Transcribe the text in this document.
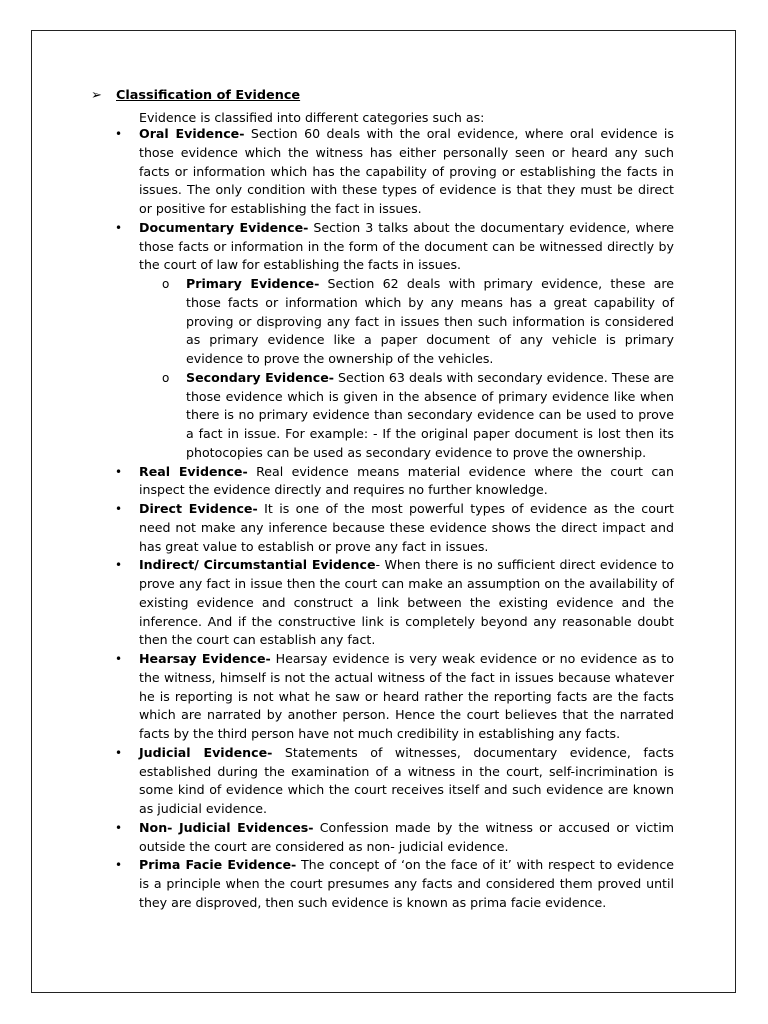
➢ Classification of Evidence
Evidence is classified into different categories such as:
• Oral Evidence- Section 60 deals with the oral evidence, where oral evidence is those evidence which the witness has either personally seen or heard any such facts or information which has the capability of proving or establishing the facts in issues. The only condition with these types of evidence is that they must be direct or positive for establishing the fact in issues.
• Documentary Evidence- Section 3 talks about the documentary evidence, where those facts or information in the form of the document can be witnessed directly by the court of law for establishing the facts in issues.
o Primary Evidence- Section 62 deals with primary evidence, these are those facts or information which by any means has a great capability of proving or disproving any fact in issues then such information is considered as primary evidence like a paper document of any vehicle is primary evidence to prove the ownership of the vehicles.
o Secondary Evidence- Section 63 deals with secondary evidence. These are those evidence which is given in the absence of primary evidence like when there is no primary evidence than secondary evidence can be used to prove a fact in issue. For example: - If the original paper document is lost then its photocopies can be used as secondary evidence to prove the ownership.
• Real Evidence- Real evidence means material evidence where the court can inspect the evidence directly and requires no further knowledge.
• Direct Evidence- It is one of the most powerful types of evidence as the court need not make any inference because these evidence shows the direct impact and has great value to establish or prove any fact in issues.
• Indirect/ Circumstantial Evidence- When there is no sufficient direct evidence to prove any fact in issue then the court can make an assumption on the availability of existing evidence and construct a link between the existing evidence and the inference. And if the constructive link is completely beyond any reasonable doubt then the court can establish any fact.
• Hearsay Evidence- Hearsay evidence is very weak evidence or no evidence as to the witness, himself is not the actual witness of the fact in issues because whatever he is reporting is not what he saw or heard rather the reporting facts are the facts which are narrated by another person. Hence the court believes that the narrated facts by the third person have not much credibility in establishing any facts.
• Judicial Evidence- Statements of witnesses, documentary evidence, facts established during the examination of a witness in the court, self-incrimination is some kind of evidence which the court receives itself and such evidence are known as judicial evidence.
• Non- Judicial Evidences- Confession made by the witness or accused or victim outside the court are considered as non- judicial evidence.
• Prima Facie Evidence- The concept of ‘on the face of it’ with respect to evidence is a principle when the court presumes any facts and considered them proved until they are disproved, then such evidence is known as prima facie evidence.
